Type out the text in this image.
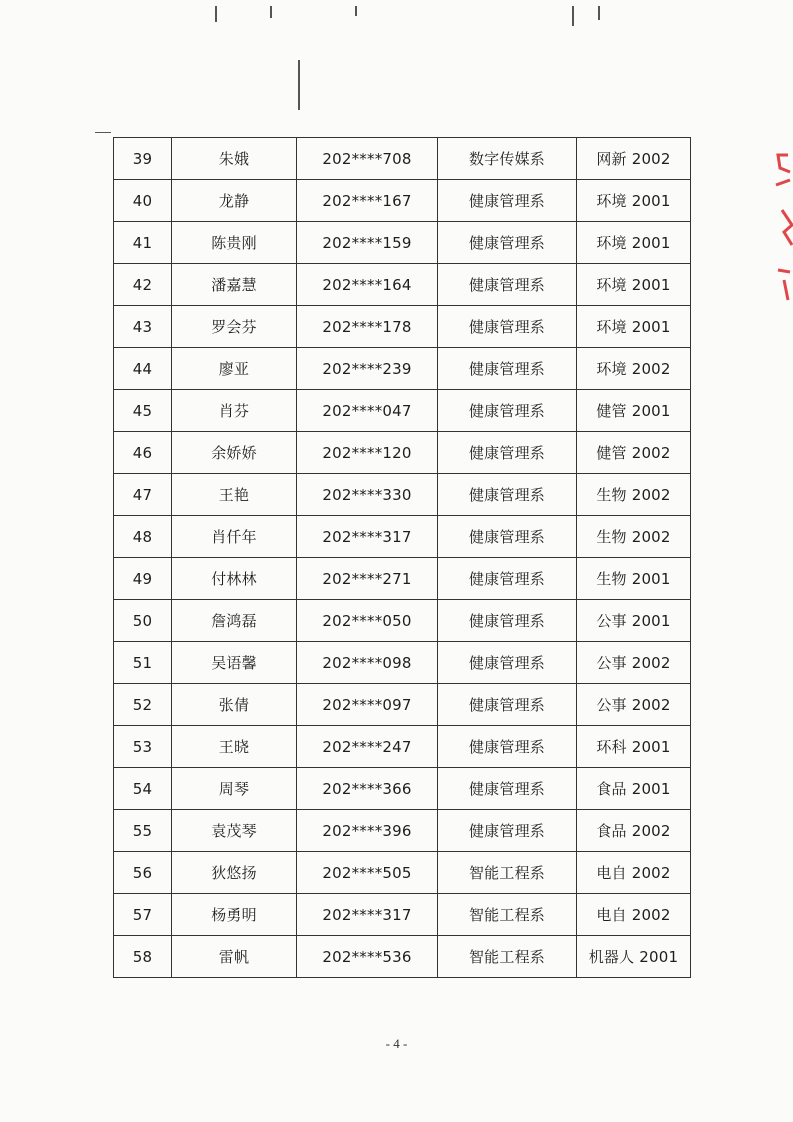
39	朱娥	202****708	数字传媒系	网新 2002
40	龙静	202****167	健康管理系	环境 2001
41	陈贵刚	202****159	健康管理系	环境 2001
42	潘嘉慧	202****164	健康管理系	环境 2001
43	罗会芬	202****178	健康管理系	环境 2001
44	廖亚	202****239	健康管理系	环境 2002
45	肖芬	202****047	健康管理系	健管 2001
46	余娇娇	202****120	健康管理系	健管 2002
47	王艳	202****330	健康管理系	生物 2002
48	肖仟年	202****317	健康管理系	生物 2002
49	付林林	202****271	健康管理系	生物 2001
50	詹鸿磊	202****050	健康管理系	公事 2001
51	吴语馨	202****098	健康管理系	公事 2002
52	张倩	202****097	健康管理系	公事 2002
53	王晓	202****247	健康管理系	环科 2001
54	周琴	202****366	健康管理系	食品 2001
55	袁茂琴	202****396	健康管理系	食品 2002
56	狄悠扬	202****505	智能工程系	电自 2002
57	杨勇明	202****317	智能工程系	电自 2002
58	雷帆	202****536	智能工程系	机器人 2001
- 4 -
